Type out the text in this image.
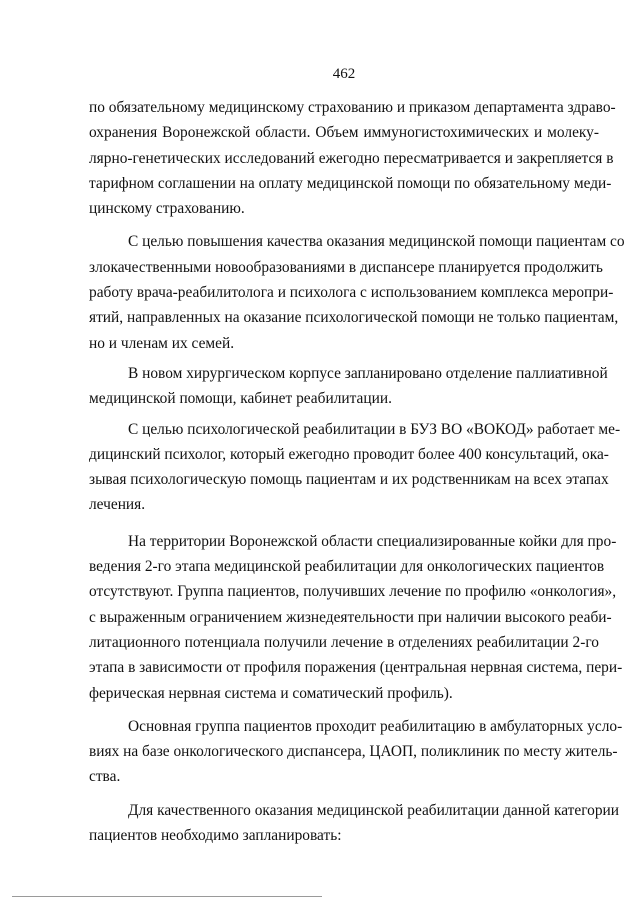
462

по обязательному медицинскому страхованию и приказом департамента здраво-
охранения Воронежской области. Объем иммуногистохимических и молеку-
лярно-генетических исследований ежегодно пересматривается и закрепляется в
тарифном соглашении на оплату медицинской помощи по обязательному меди-
цинскому страхованию.

С целью повышения качества оказания медицинской помощи пациентам со
злокачественными новообразованиями в диспансере планируется продолжить
работу врача-реабилитолога и психолога с использованием комплекса меропри-
ятий, направленных на оказание психологической помощи не только пациентам,
но и членам их семей.

В новом хирургическом корпусе запланировано отделение паллиативной
медицинской помощи, кабинет реабилитации.

С целью психологической реабилитации в БУЗ ВО «ВОКОД» работает ме-
дицинский психолог, который ежегодно проводит более 400 консультаций, ока-
зывая психологическую помощь пациентам и их родственникам на всех этапах
лечения.

На территории Воронежской области специализированные койки для про-
ведения 2-го этапа медицинской реабилитации для онкологических пациентов
отсутствуют. Группа пациентов, получивших лечение по профилю «онкология»,
с выраженным ограничением жизнедеятельности при наличии высокого реаби-
литационного потенциала получили лечение в отделениях реабилитации 2-го
этапа в зависимости от профиля поражения (центральная нервная система, пери-
ферическая нервная система и соматический профиль).

Основная группа пациентов проходит реабилитацию в амбулаторных усло-
виях на базе онкологического диспансера, ЦАОП, поликлиник по месту житель-
ства.

Для качественного оказания медицинской реабилитации данной категории
пациентов необходимо запланировать:
